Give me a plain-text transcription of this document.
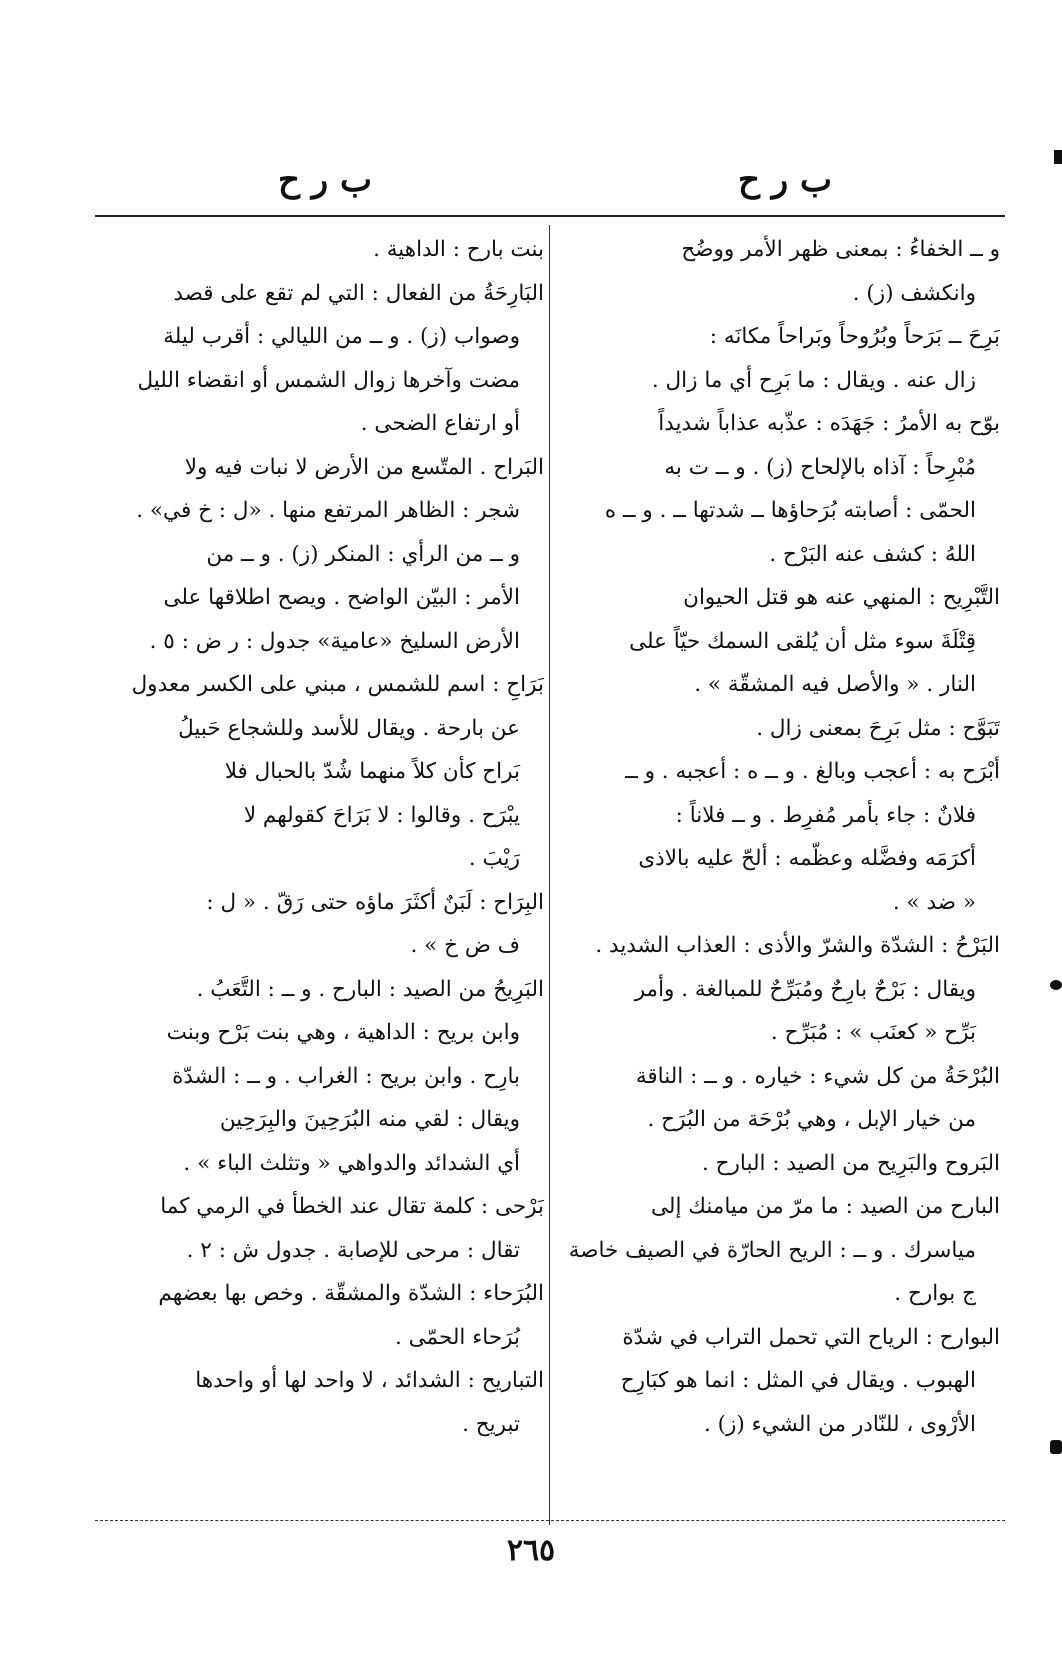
ب ر ح
ب ر ح
و ــ الخفاءُ : بمعنى ظهر الأمر ووضُح
وانكشف (ز) .
بَرِحَ ــ بَرَحاً وبُرُوحاً وبَراحاً مكانَه :
زال عنه . ويقال : ما بَرِح أي ما زال .
بوّح به الأمرُ : جَهَدَه : عذّبه عذاباً شديداً
مُبْرِحاً : آذاه بالإلحاح (ز) . و ــ ت به
الحمّى : أصابته بُرَحاؤها ــ شدتها ــ . و ــ ه
اللهُ : كشف عنه البَرْح .
التَّبْرِيح : المنهي عنه هو قتل الحيوان
قِتْلَةَ سوء مثل أن يُلقى السمك حيّاً على
النار . « والأصل فيه المشقّة » .
تَبَوَّح : مثل بَرِحَ بمعنى زال .
أبْرَح به : أعجب وبالغ . و ــ ه : أعجبه . و ــ
فلانٌ : جاء بأمر مُفرِط . و ــ فلاناً :
أكرَمَه وفضَّله وعظّمه : ألحّ عليه بالاذى
« ضد » .
البَرْحُ : الشدّة والشرّ والأذى : العذاب الشديد .
ويقال : بَرْحٌ بارِحٌ ومُبَرِّحٌ للمبالغة . وأمر
بَرِّح « كعنَب » : مُبَرِّح .
البُرْحَةُ من كل شيء : خياره . و ــ : الناقة
من خيار الإبل ، وهي بُرْحَة من البُرَح .
البَروح والبَرِيح من الصيد : البارح .
البارح من الصيد : ما مرّ من ميامنك إلى
مياسرك . و ــ : الريح الحارّة في الصيف خاصة
ج بوارح .
البوارح : الرياح التي تحمل التراب في شدّة
الهبوب . ويقال في المثل : انما هو كبَارِح
الأرْوى ، للنّادر من الشيء (ز) .
بنت بارح : الداهية .
البَارِحَةُ من الفعال : التي لم تقع على قصد
وصواب (ز) . و ــ من الليالي : أقرب ليلة
مضت وآخرها زوال الشمس أو انقضاء الليل
أو ارتفاع الضحى .
البَراح . المتّسع من الأرض لا نبات فيه ولا
شجر : الظاهر المرتفع منها . «ل : خ في» .
و ــ من الرأي : المنكر (ز) . و ــ من
الأمر : البيّن الواضح . ويصح اطلاقها على
الأرض السليخ «عامية» جدول : ر ض : ٥ .
بَرَاحِ : اسم للشمس ، مبني على الكسر معدول
عن بارحة . ويقال للأسد وللشجاع حَبيلُ
بَراح كأن كلاً منهما شُدّ بالحبال فلا
يبْرَح . وقالوا : لا بَرَاحَ كقولهم لا
رَيْبَ .
البِرَاح : لَبَنٌ أكثَرَ ماؤه حتى رَقّ . « ل :
ف ض خ » .
البَرِيحُ من الصيد : البارح . و ــ : التَّعَبُ .
وابن بريح : الداهية ، وهي بنت بَرْح وبنت
بارِح . وابن بريح : الغراب . و ــ : الشدّة
ويقال : لقي منه البُرَحِينَ والبِرَحِين
أي الشدائد والدواهي « وتثلث الباء » .
بَرْحى : كلمة تقال عند الخطأ في الرمي كما
تقال : مرحى للإصابة . جدول ش : ٢ .
البُرَحاء : الشدّة والمشقّة . وخص بها بعضهم
بُرَحاء الحمّى .
التباريح : الشدائد ، لا واحد لها أو واحدها
تبريح .
٢٦٥
